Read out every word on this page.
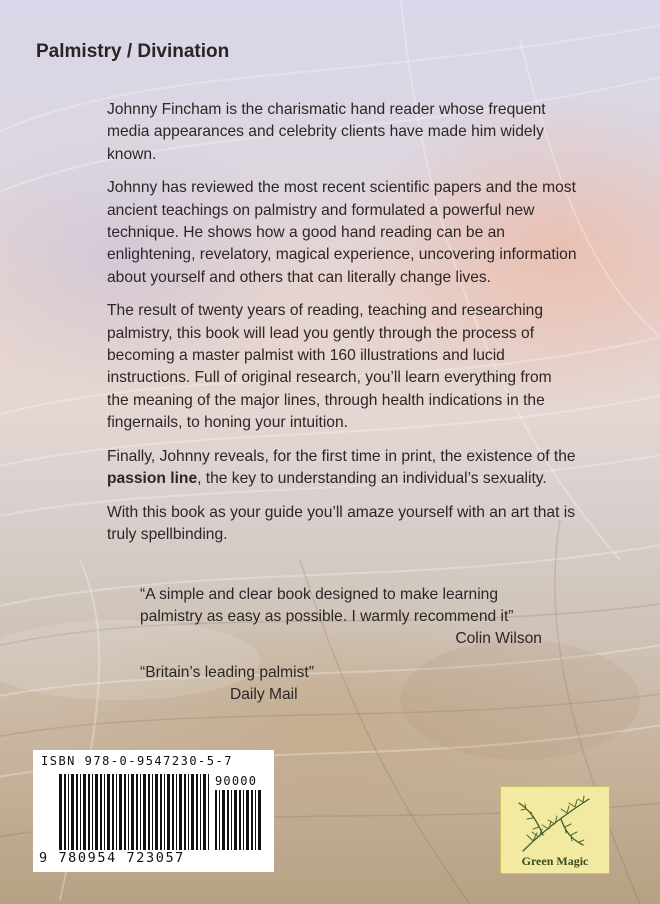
Palmistry / Divination

Johnny Fincham is the charismatic hand reader whose frequent media appearances and celebrity clients have made him widely known.

Johnny has reviewed the most recent scientific papers and the most ancient teachings on palmistry and formulated a powerful new technique. He shows how a good hand reading can be an enlightening, revelatory, magical experience, uncovering information about yourself and others that can literally change lives.

The result of twenty years of reading, teaching and researching palmistry, this book will lead you gently through the process of becoming a master palmist with 160 illustrations and lucid instructions. Full of original research, you’ll learn everything from the meaning of the major lines, through health indications in the fingernails, to honing your intuition.

Finally, Johnny reveals, for the first time in print, the existence of the passion line, the key to understanding an individual’s sexuality.

With this book as your guide you’ll amaze yourself with an art that is truly spellbinding.

“A simple and clear book designed to make learning palmistry as easy as possible. I warmly recommend it”

Colin Wilson

“Britain’s leading palmist”

Daily Mail

ISBN 978-0-9547230-5-7

90000

9 780954 723057	Green Magic
